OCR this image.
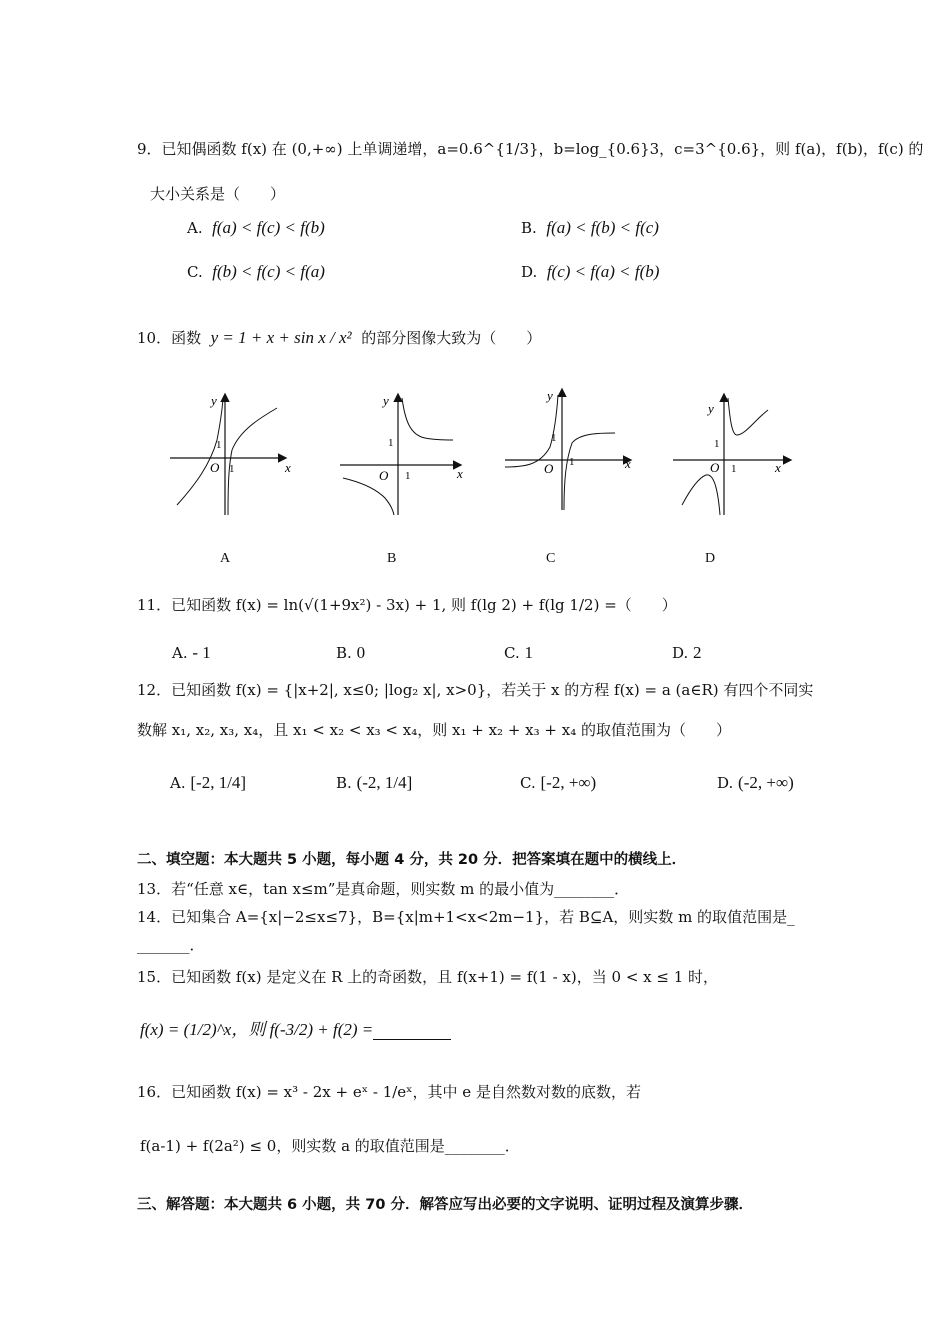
9．已知偶函数 f(x) 在 (0,+∞) 上单调递增，a=0.6^{1/3}，b=log_{0.6}3，c=3^{0.6}，则 f(a)，f(b)，f(c) 的
大小关系是（　　）
A. f(a) < f(c) < f(b)	B. f(a) < f(b) < f(c)
C. f(b) < f(c) < f(a)	D. f(c) < f(a) < f(b)
10．函数 y = 1 + x + sin x / x² 的部分图像大致为（　　）
y
x
O 1
1
y
x
O 1
1
y
x
O 1
1
y
x
O 1
1
A	B	C	D
11．已知函数 f(x) = ln(√(1+9x²) - 3x) + 1, 则 f(lg 2) + f(lg 1/2) =（　　）
A. - 1	B. 0	C. 1	D. 2
12．已知函数 f(x) = {|x+2|, x≤0; |log₂ x|, x>0}，若关于 x 的方程 f(x) = a (a∈R) 有四个不同实
数解 x₁, x₂, x₃, x₄，且 x₁ < x₂ < x₃ < x₄，则 x₁ + x₂ + x₃ + x₄ 的取值范围为（　　）
A. [-2, 1/4]	B. (-2, 1/4]	C. [-2, +∞)	D. (-2, +∞)
二、填空题：本大题共 5 小题，每小题 4 分，共 20 分．把答案填在题中的横线上．
13．若“任意 x∈，tan x≤m”是真命题，则实数 m 的最小值为________．
14．已知集合 A={x|−2≤x≤7}，B={x|m+1<x<2m−1}，若 B⊆A，则实数 m 的取值范围是_
_______．
15．已知函数 f(x) 是定义在 R 上的奇函数，且 f(x+1) = f(1 - x)，当 0 < x ≤ 1 时，
f(x) = (1/2)^x，则 f(-3/2) + f(2) =
16．已知函数 f(x) = x³ - 2x + eˣ - 1/eˣ，其中 e 是自然数对数的底数，若
f(a-1) + f(2a²) ≤ 0，则实数 a 的取值范围是________．
三、解答题：本大题共 6 小题，共 70 分．解答应写出必要的文字说明、证明过程及演算步骤．
